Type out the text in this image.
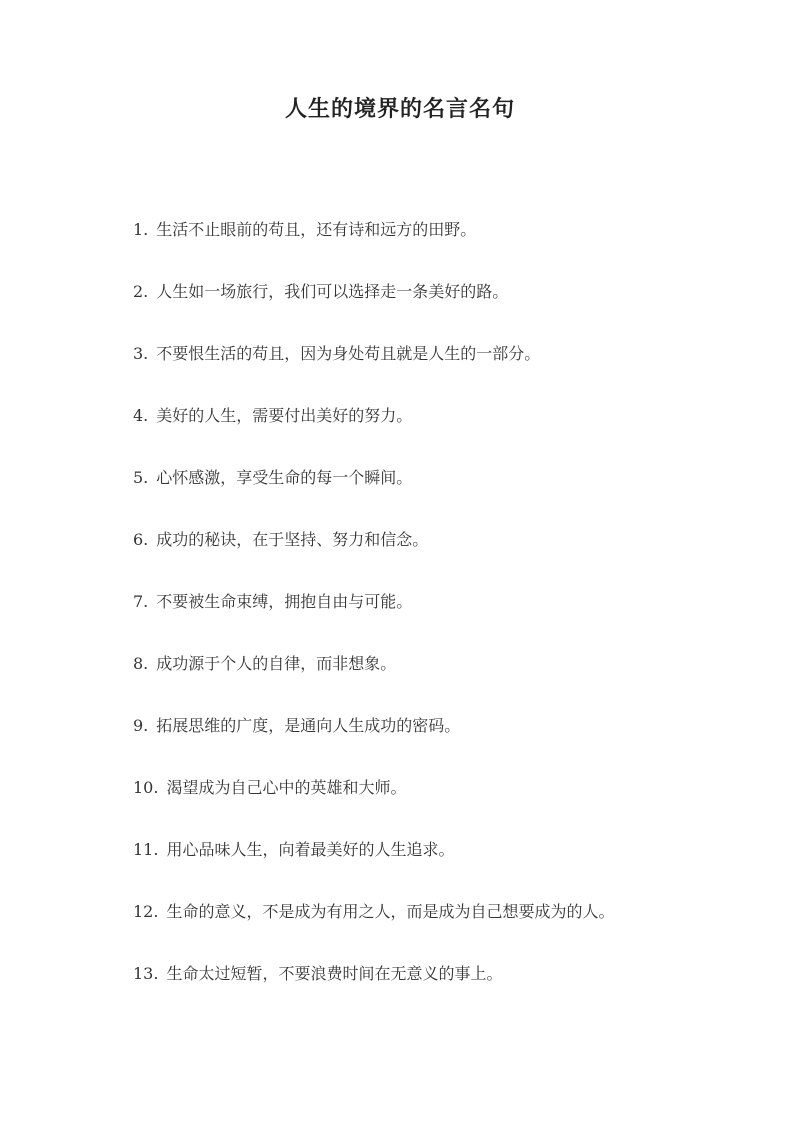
人生的境界的名言名句
1. 生活不止眼前的苟且，还有诗和远方的田野。
2. 人生如一场旅行，我们可以选择走一条美好的路。
3. 不要恨生活的苟且，因为身处苟且就是人生的一部分。
4. 美好的人生，需要付出美好的努力。
5. 心怀感激，享受生命的每一个瞬间。
6. 成功的秘诀，在于坚持、努力和信念。
7. 不要被生命束缚，拥抱自由与可能。
8. 成功源于个人的自律，而非想象。
9. 拓展思维的广度，是通向人生成功的密码。
10. 渴望成为自己心中的英雄和大师。
11. 用心品味人生，向着最美好的人生追求。
12. 生命的意义，不是成为有用之人，而是成为自己想要成为的人。
13. 生命太过短暂，不要浪费时间在无意义的事上。
